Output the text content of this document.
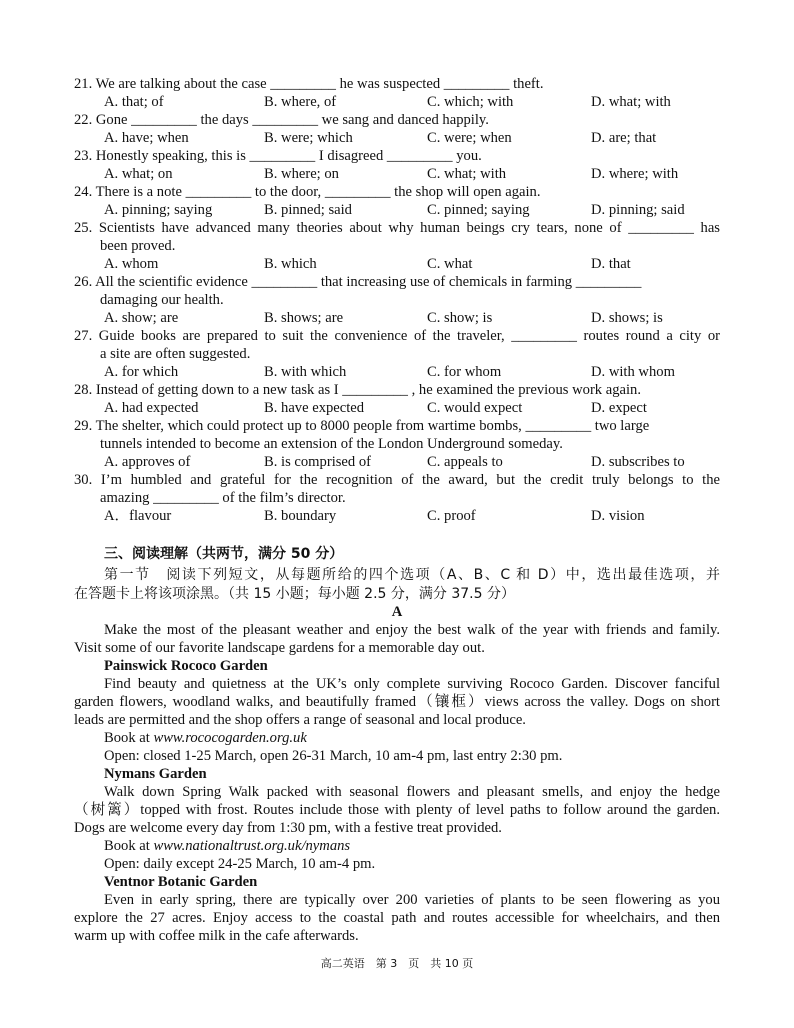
21. We are talking about the case _________ he was suspected _________ theft.
A. that; of	B. where, of	C. which; with	D. what; with
22. Gone _________ the days _________ we sang and danced happily.
A. have; when	B. were; which	C. were; when	D. are; that
23. Honestly speaking, this is _________ I disagreed _________ you.
A. what; on	B. where; on	C. what; with	D. where; with
24. There is a note _________ to the door, _________ the shop will open again.
A. pinning; saying	B. pinned; said	C. pinned; saying	D. pinning; said
25. Scientists have advanced many theories about why human beings cry tears, none of _________ has
been proved.
A. whom	B. which	C. what	D. that
26. All the scientific evidence _________ that increasing use of chemicals in farming _________
damaging our health.
A. show; are	B. shows; are	C. show; is	D. shows; is
27. Guide books are prepared to suit the convenience of the traveler, _________ routes round a city or
a site are often suggested.
A. for which	B. with which	C. for whom	D. with whom
28. Instead of getting down to a new task as I _________ , he examined the previous work again.
A. had expected	B. have expected	C. would expect	D. expect
29. The shelter, which could protect up to 8000 people from wartime bombs, _________ two large
tunnels intended to become an extension of the London Underground someday.
A. approves of	B. is comprised of	C. appeals to	D. subscribes to
30. I’m humbled and grateful for the recognition of the award, but the credit truly belongs to the
amazing _________ of the film’s director.
A．flavour	B. boundary	C. proof	D. vision
三、阅读理解（共两节，满分 50 分）
第一节　阅读下列短文，从每题所给的四个选项（A、B、C 和 D）中，选出最佳选项，并
在答题卡上将该项涂黑。（共 15 小题；每小题 2.5 分，满分 37.5 分）
A
Make the most of the pleasant weather and enjoy the best walk of the year with friends and family.
Visit some of our favorite landscape gardens for a memorable day out.
Painswick Rococo Garden
Find beauty and quietness at the UK’s only complete surviving Rococo Garden. Discover fanciful
garden flowers, woodland walks, and beautifully framed（镶框）views across the valley. Dogs on short
leads are permitted and the shop offers a range of seasonal and local produce.
Book at www.rococogarden.org.uk
Open: closed 1-25 March, open 26-31 March, 10 am-4 pm, last entry 2:30 pm.
Nymans Garden
Walk down Spring Walk packed with seasonal flowers and pleasant smells, and enjoy the hedge
（树篱）topped with frost. Routes include those with plenty of level paths to follow around the garden.
Dogs are welcome every day from 1:30 pm, with a festive treat provided.
Book at www.nationaltrust.org.uk/nymans
Open: daily except 24-25 March, 10 am-4 pm.
Ventnor Botanic Garden
Even in early spring, there are typically over 200 varieties of plants to be seen flowering as you
explore the 27 acres. Enjoy access to the coastal path and routes accessible for wheelchairs, and then
warm up with coffee milk in the cafe afterwards.
高二英语　第 3　页　共 10 页
